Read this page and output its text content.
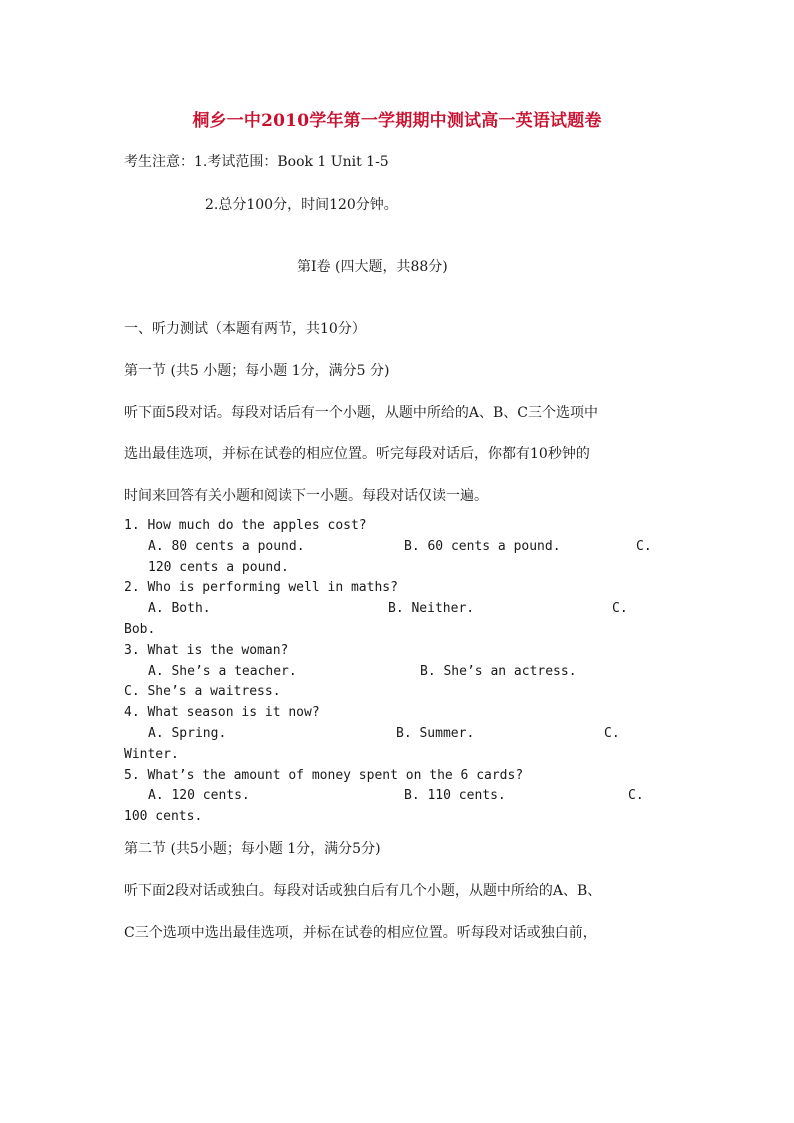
桐乡一中2010学年第一学期期中测试高一英语试题卷

考生注意：1.考试范围：Book 1 Unit 1-5

2.总分100分，时间120分钟。

第Ⅰ卷 (四大题，共88分)

一、听力测试（本题有两节，共10分）

第一节 (共5 小题；每小题 1分，满分5 分)

听下面5段对话。每段对话后有一个小题，从题中所给的A、B、C三个选项中

选出最佳选项，并标在试卷的相应位置。听完每段对话后，你都有10秒钟的

时间来回答有关小题和阅读下一小题。每段对话仅读一遍。

1. How much do the apples cost?

A. 80 cents a pound.	B. 60 cents a pound.	C.

120 cents a pound.

2. Who is performing well in maths?

A. Both.	B. Neither.	C.

Bob.

3. What is the woman?

A. She’s a teacher.	B. She’s an actress.

C. She’s a waitress.

4. What season is it now?

A. Spring.	B. Summer.	C.

Winter.

5. What’s the amount of money spent on the 6 cards?

A. 120 cents.	B. 110 cents.	C.

100 cents.

第二节 (共5小题；每小题 1分，满分5分)

听下面2段对话或独白。每段对话或独白后有几个小题，从题中所给的A、B、

C三个选项中选出最佳选项，并标在试卷的相应位置。听每段对话或独白前，
